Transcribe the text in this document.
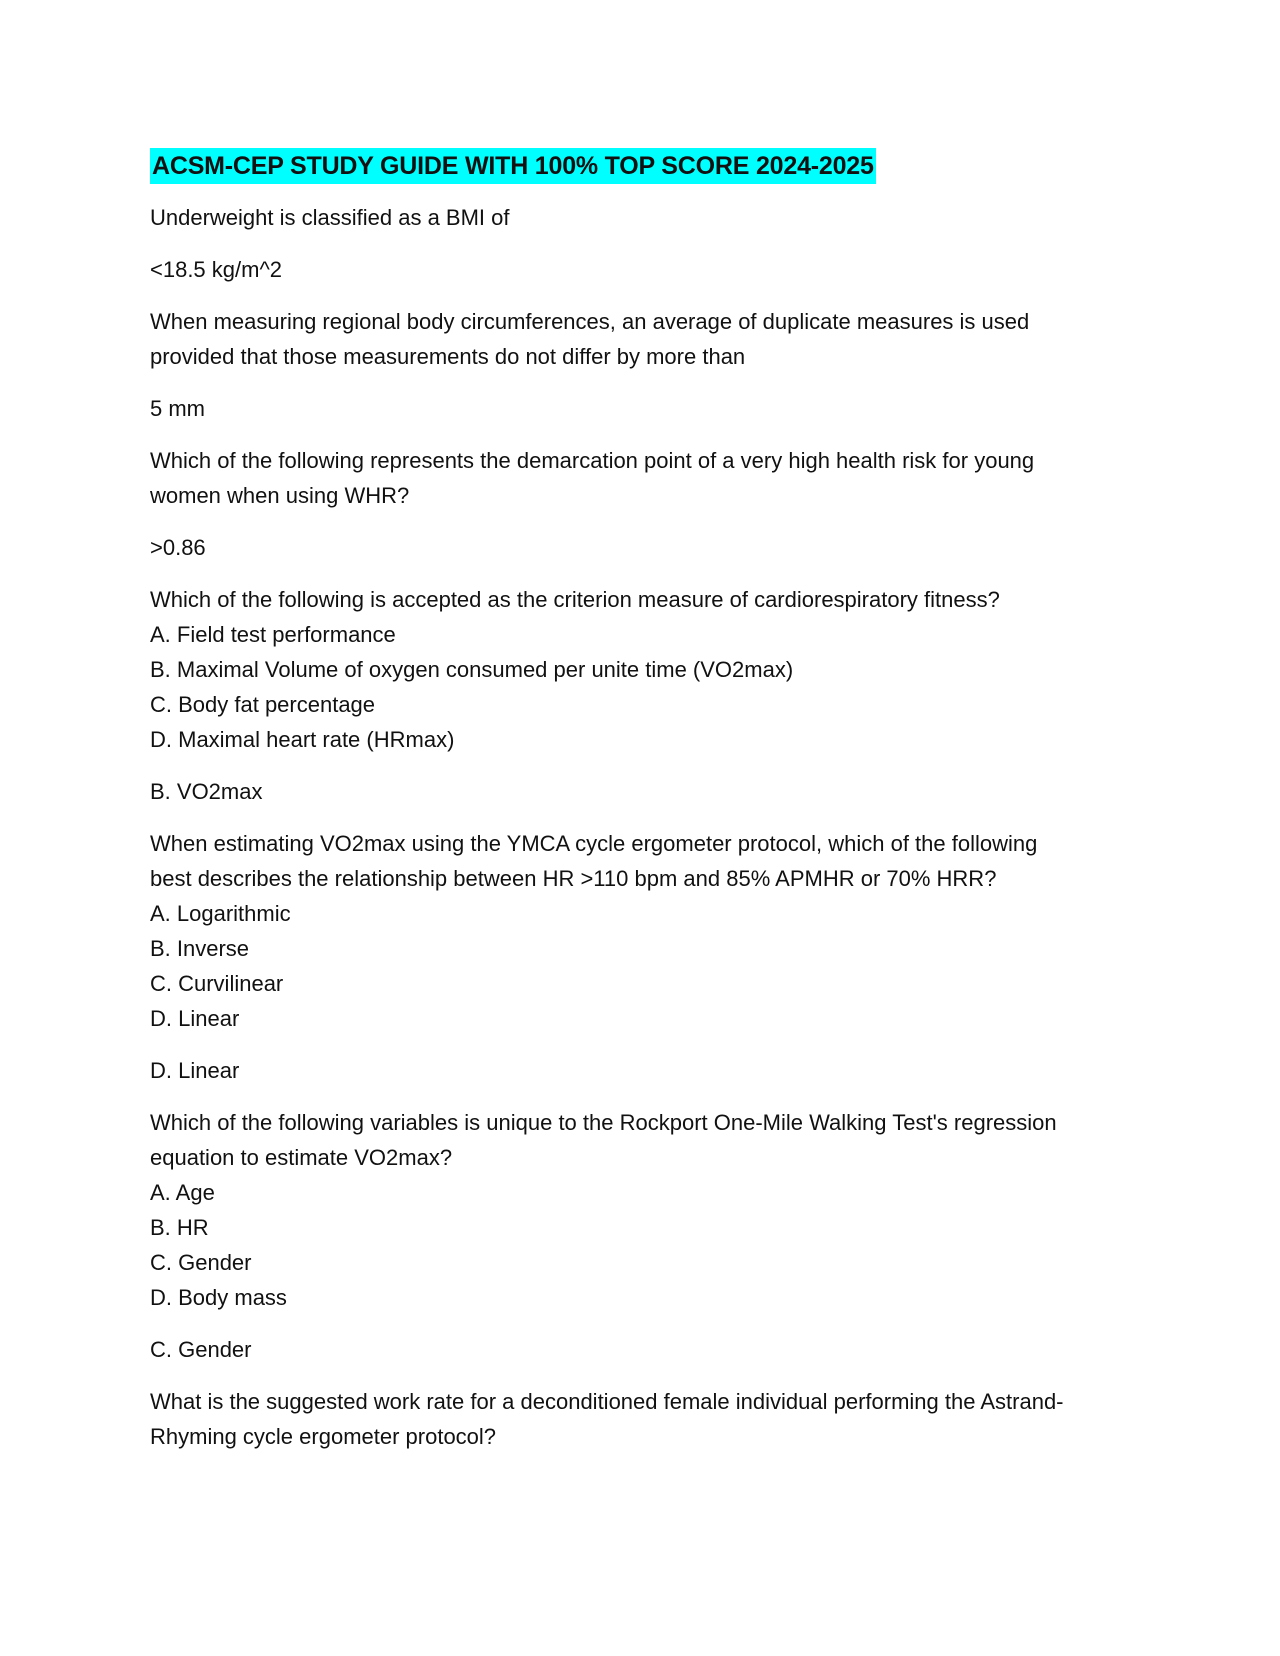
ACSM-CEP STUDY GUIDE WITH 100% TOP SCORE 2024-2025

Underweight is classified as a BMI of

<18.5 kg/m^2

When measuring regional body circumferences, an average of duplicate measures is used provided that those measurements do not differ by more than

5 mm

Which of the following represents the demarcation point of a very high health risk for young women when using WHR?

>0.86

Which of the following is accepted as the criterion measure of cardiorespiratory fitness?

A. Field test performance
B. Maximal Volume of oxygen consumed per unite time (VO2max)
C. Body fat percentage
D. Maximal heart rate (HRmax)

B. VO2max

When estimating VO2max using the YMCA cycle ergometer protocol, which of the following best describes the relationship between HR >110 bpm and 85% APMHR or 70% HRR?

A. Logarithmic
B. Inverse
C. Curvilinear
D. Linear

D. Linear

Which of the following variables is unique to the Rockport One-Mile Walking Test's regression equation to estimate VO2max?

A. Age
B. HR
C. Gender
D. Body mass

C. Gender

What is the suggested work rate for a deconditioned female individual performing the Astrand-Rhyming cycle ergometer protocol?
